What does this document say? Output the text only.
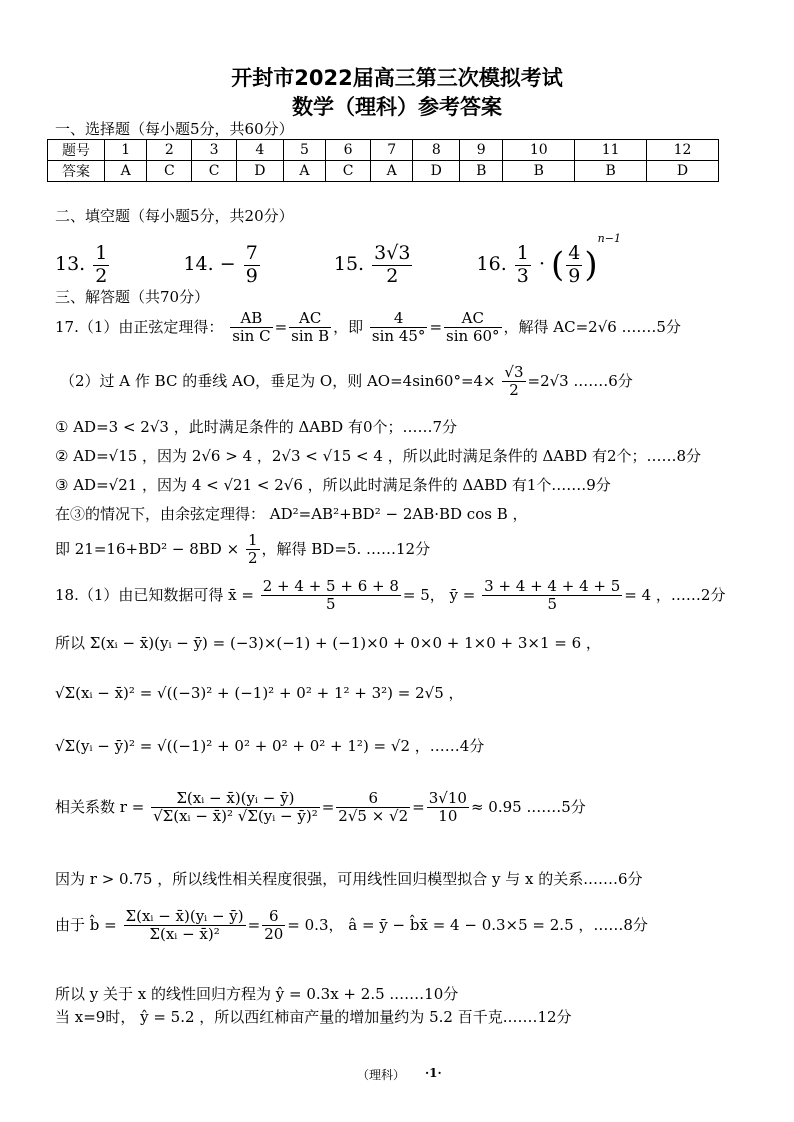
开封市2022届高三第三次模拟考试
数学（理科）参考答案
一、选择题（每小题5分，共60分）
题号	1	2	3	4	5	6	7	8	9	10	11	12
答案	A	C	C	D	A	C	A	D	B	B	B	D
二、填空题（每小题5分，共20分）
13. $\frac{1}{2}$	14. − $\frac{7}{9}$	15. $\frac{3√3}{2}$	16. $\frac{1}{3}$ · ( $\frac{4}{9} )^{n-1}$
三、解答题（共70分）
17.（1）由正弦定理得： $\frac{AB}{\text{sin C}} = \frac{AC}{\text{sin B}}$ ，即 $\frac{4}{\sin 45^\circ} = \frac{AC}{\sin 60^\circ}$ ，解得 AC=2√6 .……5分
（2）过 A 作 BC 的垂线 AO，垂足为 O，则 $AO=4\sin 60^\circ=4\times \frac{√3}{2} =2√3$ .……6分
① AD=3 < 2√3 ，此时满足条件的 ΔABD 有0个；……7分
② AD=√15 ，因为 2√6 > 4 ，2√3 < √15 < 4 ，所以此时满足条件的 ΔABD 有2个；……8分
③ AD=√21 ，因为 4 < √21 < 2√6 ，所以此时满足条件的 ΔABD 有1个.……9分
在③的情况下，由余弦定理得： AD²=AB²+BD² − 2AB·BD cos B ，
即 $21=16+BD^2 - 8BD \times \frac{1}{2}$ ，解得 BD=5. ……12分
18.（1）由已知数据可得 x̄ = $\frac{2 + 4 + 5 + 6 + 8}{5} = 5$， ȳ = $\frac{3 + 4 + 4 + 4 + 5}{5} = 4$ ，……2分
所以 Σ(xᵢ − x̄)(yᵢ − ȳ) = (−3)×(−1) + (−1)×0 + 0×0 + 1×0 + 3×1 = 6 ，
√Σ(xᵢ − x̄)² = √((−3)² + (−1)² + 0² + 1² + 3²) = 2√5 ，
√Σ(yᵢ − ȳ)² = √((−1)² + 0² + 0² + 0² + 1²) = √2 ，……4分
相关系数 $r = \frac{\text{Σ(xᵢ − x̄)(yᵢ − ȳ)}}{\text{√Σ(xᵢ − x̄)² √Σ(yᵢ − ȳ)²}} = \frac{6}{2√5 \times √2} = \frac{3√10}{10} \approx 0.95$ .……5分
因为 r > 0.75 ，所以线性相关程度很强，可用线性回归模型拟合 y 与 x 的关系.……6分
由于 b̂ = $\frac{\text{Σ(xᵢ − x̄)(yᵢ − ȳ)}}{\text{Σ(xᵢ − x̄)²}} = \frac{6}{20} = 0.3$， â = ȳ − b̂x̄ = 4 − 0.3×5 = 2.5 ，……8分
所以 y 关于 x 的线性回归方程为 ŷ = 0.3x + 2.5 .……10分
当 x=9时， ŷ = 5.2 ，所以西红柿亩产量的增加量约为 5.2 百千克.……12分
（理科） ·1·
